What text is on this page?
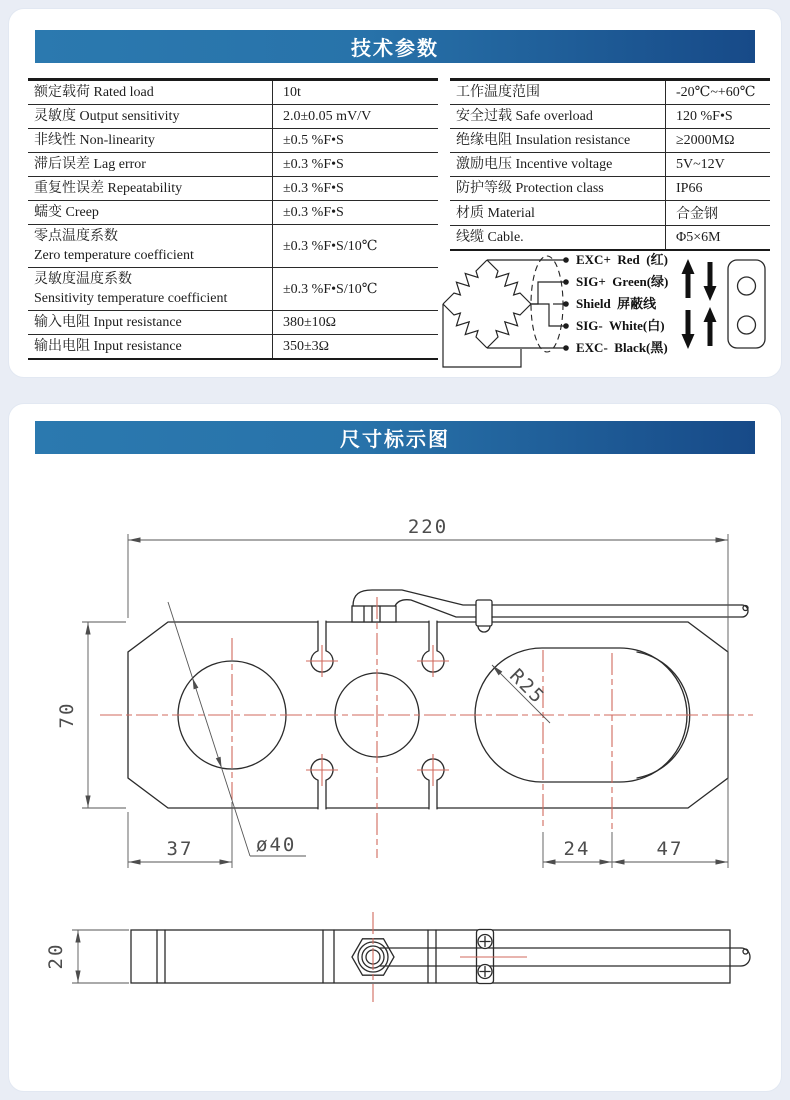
技术参数
额定载荷 Rated load	10t

灵敏度 Output sensitivity	2.0±0.05 mV/V

非线性 Non-linearity	±0.5 %F•S

滞后误差 Lag error	±0.3 %F•S

重复性误差 Repeatability	±0.3 %F•S

蠕变 Creep	±0.3 %F•S

零点温度系数
Zero temperature coefficient	±0.3 %F•S/10℃

灵敏度温度系数
Sensitivity temperature coefficient	±0.3 %F•S/10℃

输入电阻 Input resistance	380±10Ω

输出电阻 Input resistance	350±3Ω
工作温度范围	-20℃~+60℃

安全过载 Safe overload	120 %F•S

绝缘电阻 Insulation resistance	≥2000MΩ

激励电压 Incentive voltage	5V~12V

防护等级 Protection class	IP66

材质 Material	合金钢

线缆 Cable.	Φ5×6M
EXC+  Red  (红)
SIG+  Green(绿)
Shield  屏蔽线
SIG-  White(白)
EXC-  Black(黑)
尺寸标示图
220
70
37	ø40	24	47
R25
20
